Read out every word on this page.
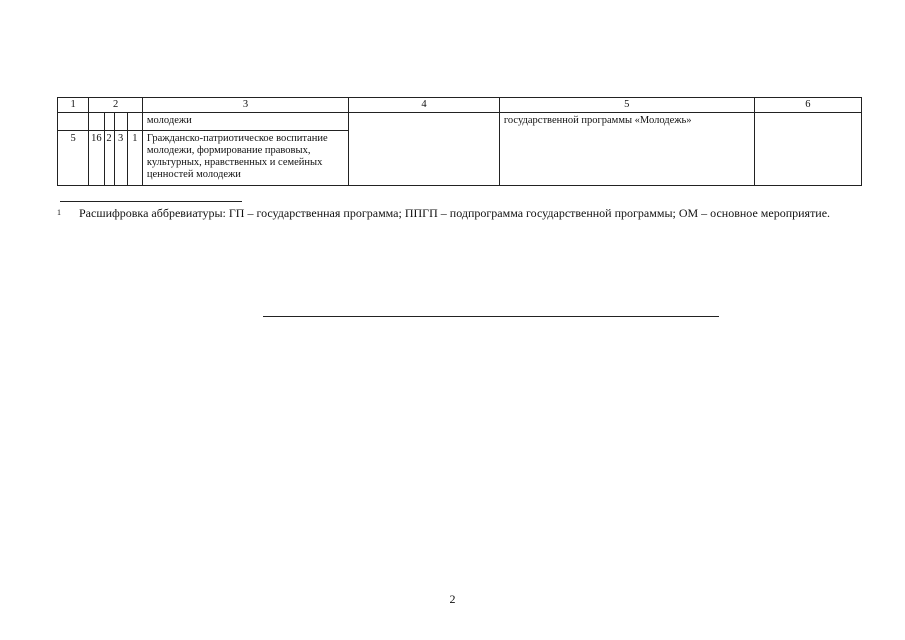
1	2				3	4	5	6
					молодежи		государственной программы «Молодежь»	
5	16	2	3	1	Гражданско-патриотическое воспитание молодежи, формирование правовых, культурных, нравственных и семейных ценностей молодежи			
$^1$ Расшифровка аббревиатуры: ГП – государственная программа; ППГП – подпрограмма государственной программы; ОМ – основное мероприятие.
2
